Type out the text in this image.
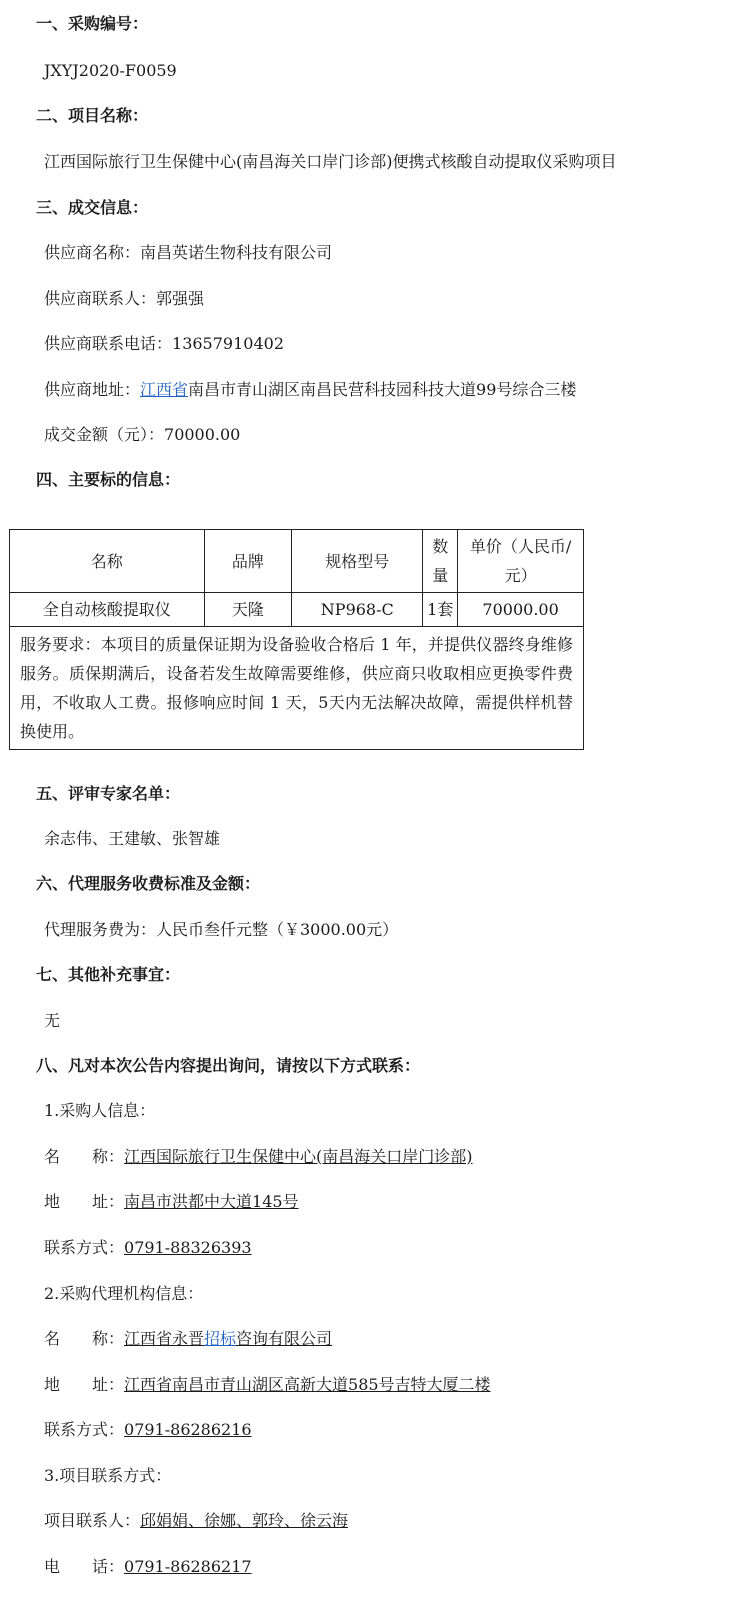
一、采购编号：
JXYJ2020-F0059
二、项目名称：
江西国际旅行卫生保健中心(南昌海关口岸门诊部)便携式核酸自动提取仪采购项目
三、成交信息：
供应商名称：南昌英诺生物科技有限公司
供应商联系人：郭强强
供应商联系电话：13657910402
供应商地址：江西省南昌市青山湖区南昌民营科技园科技大道99号综合三楼
成交金额（元）：70000.00
四、主要标的信息：
名称	品牌	规格型号	数量	单价（人民币/元）
全自动核酸提取仪	天隆	NP968-C	1套	70000.00
服务要求：本项目的质量保证期为设备验收合格后 1 年，并提供仪器终身维修服务。质保期满后，设备若发生故障需要维修，供应商只收取相应更换零件费用，不收取人工费。报修响应时间 1 天，5天内无法解决故障，需提供样机替换使用。				
五、评审专家名单：
余志伟、王建敏、张智雄
六、代理服务收费标准及金额：
代理服务费为：人民币叁仟元整（￥3000.00元）
七、其他补充事宜：
无
八、凡对本次公告内容提出询问，请按以下方式联系：
1.采购人信息：
名　　称：江西国际旅行卫生保健中心(南昌海关口岸门诊部)
地　　址：南昌市洪都中大道145号
联系方式：0791-88326393
2.采购代理机构信息：
名　　称：江西省永晋招标咨询有限公司
地　　址：江西省南昌市青山湖区高新大道585号吉特大厦二楼
联系方式：0791-86286216
3.项目联系方式：
项目联系人：邱娟娟、徐娜、郭玲、徐云海
电　　话：0791-86286217
